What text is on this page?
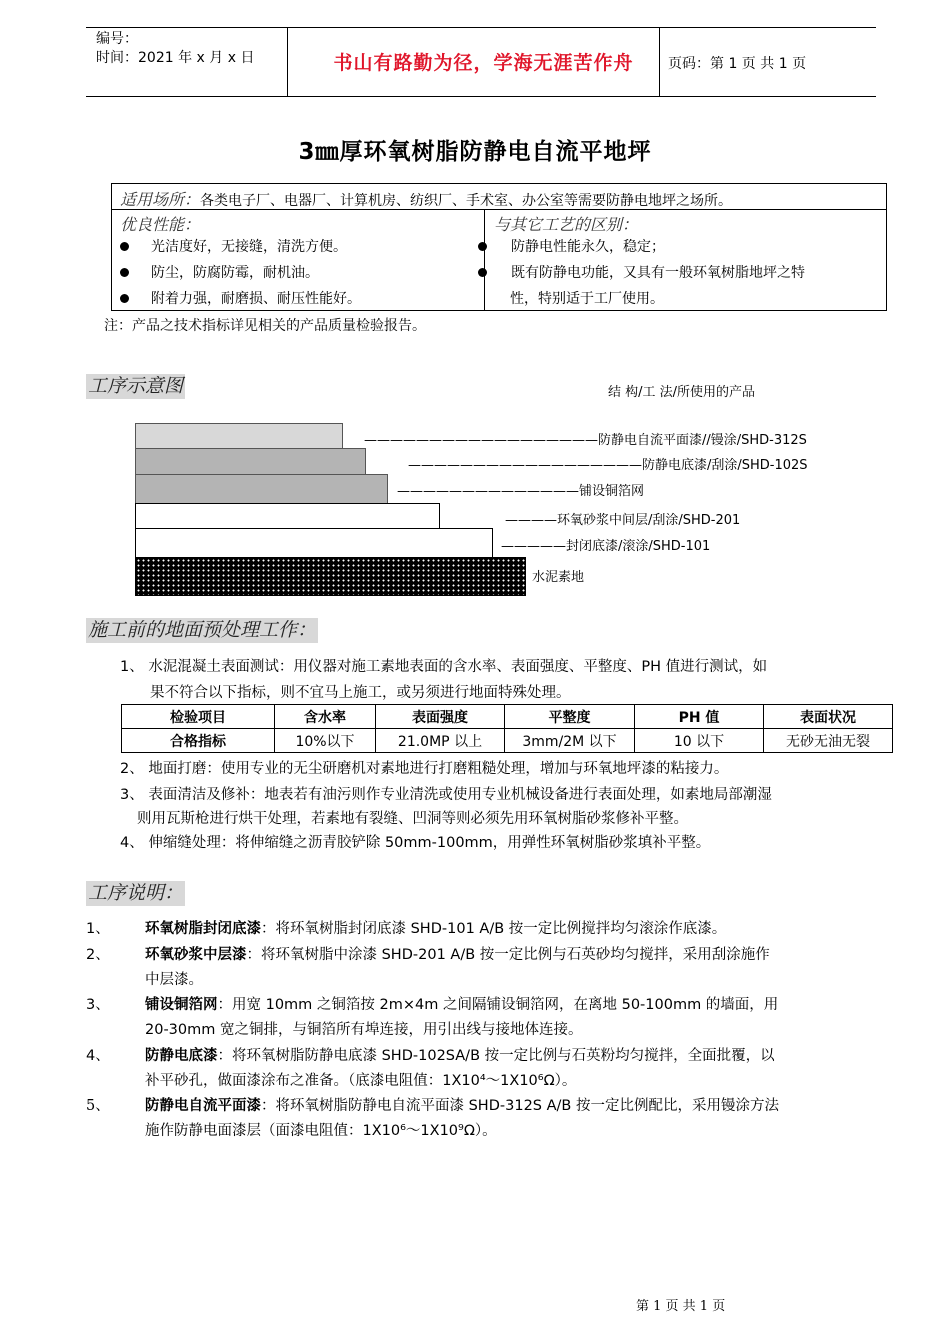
编号：
时间：2021 年 x 月 x 日	书山有路勤为径，学海无涯苦作舟	页码：第 1 页 共 1 页
3㎜厚环氧树脂防静电自流平地坪
适用场所：各类电子厂、电器厂、计算机房、纺织厂、手术室、办公室等需要防静电地坪之场所。
优良性能：
光洁度好，无接缝，清洗方便。
防尘，防腐防霉，耐机油。
附着力强，耐磨损、耐压性能好。
与其它工艺的区别：
防静电性能永久，稳定；
既有防静电功能，又具有一般环氧树脂地坪之特
性，特别适于工厂使用。
注：产品之技术指标详见相关的产品质量检验报告。
工序示意图	结 构/工 法/所使用的产品
——————————————————防静电自流平面漆//镘涂/SHD-312S
——————————————————防静电底漆/刮涂/SHD-102S
——————————————铺设铜箔网
————环氧砂浆中间层/刮涂/SHD-201
—————封闭底漆/滚涂/SHD-101
水泥素地
施工前的地面预处理工作：
1、 水泥混凝土表面测试：用仪器对施工素地表面的含水率、表面强度、平整度、PH 值进行测试，如
果不符合以下指标，则不宜马上施工，或另须进行地面特殊处理。
检验项目	含水率	表面强度	平整度	PH 值	表面状况
合格指标	10%以下	21.0MP 以上	3mm/2M 以下	10 以下	无砂无油无裂
2、 地面打磨：使用专业的无尘研磨机对素地进行打磨粗糙处理，增加与环氧地坪漆的粘接力。
3、 表面清洁及修补：地表若有油污则作专业清洗或使用专业机械设备进行表面处理，如素地局部潮湿
则用瓦斯枪进行烘干处理，若素地有裂缝、凹洞等则必须先用环氧树脂砂浆修补平整。
4、 伸缩缝处理：将伸缩缝之沥青胶铲除 50mm-100mm，用弹性环氧树脂砂浆填补平整。
工序说明：
1、 环氧树脂封闭底漆：将环氧树脂封闭底漆 SHD-101 A/B 按一定比例搅拌均匀滚涂作底漆。
2、 环氧砂浆中层漆：将环氧树脂中涂漆 SHD-201 A/B 按一定比例与石英砂均匀搅拌，采用刮涂施作
中层漆。
3、 铺设铜箔网：用宽 10mm 之铜箔按 2m×4m 之间隔铺设铜箔网，在离地 50-100mm 的墙面，用
20-30mm 宽之铜排，与铜箔所有埠连接，用引出线与接地体连接。
4、 防静电底漆：将环氧树脂防静电底漆 SHD-102SA/B 按一定比例与石英粉均匀搅拌，全面批覆，以
补平砂孔，做面漆涂布之准备。（底漆电阻值：1X10⁴～1X10⁶Ω）。
5、 防静电自流平面漆：将环氧树脂防静电自流平面漆 SHD-312S A/B 按一定比例配比，采用镘涂方法
施作防静电面漆层（面漆电阻值：1X10⁶～1X10⁹Ω）。
第 1 页 共 1 页
